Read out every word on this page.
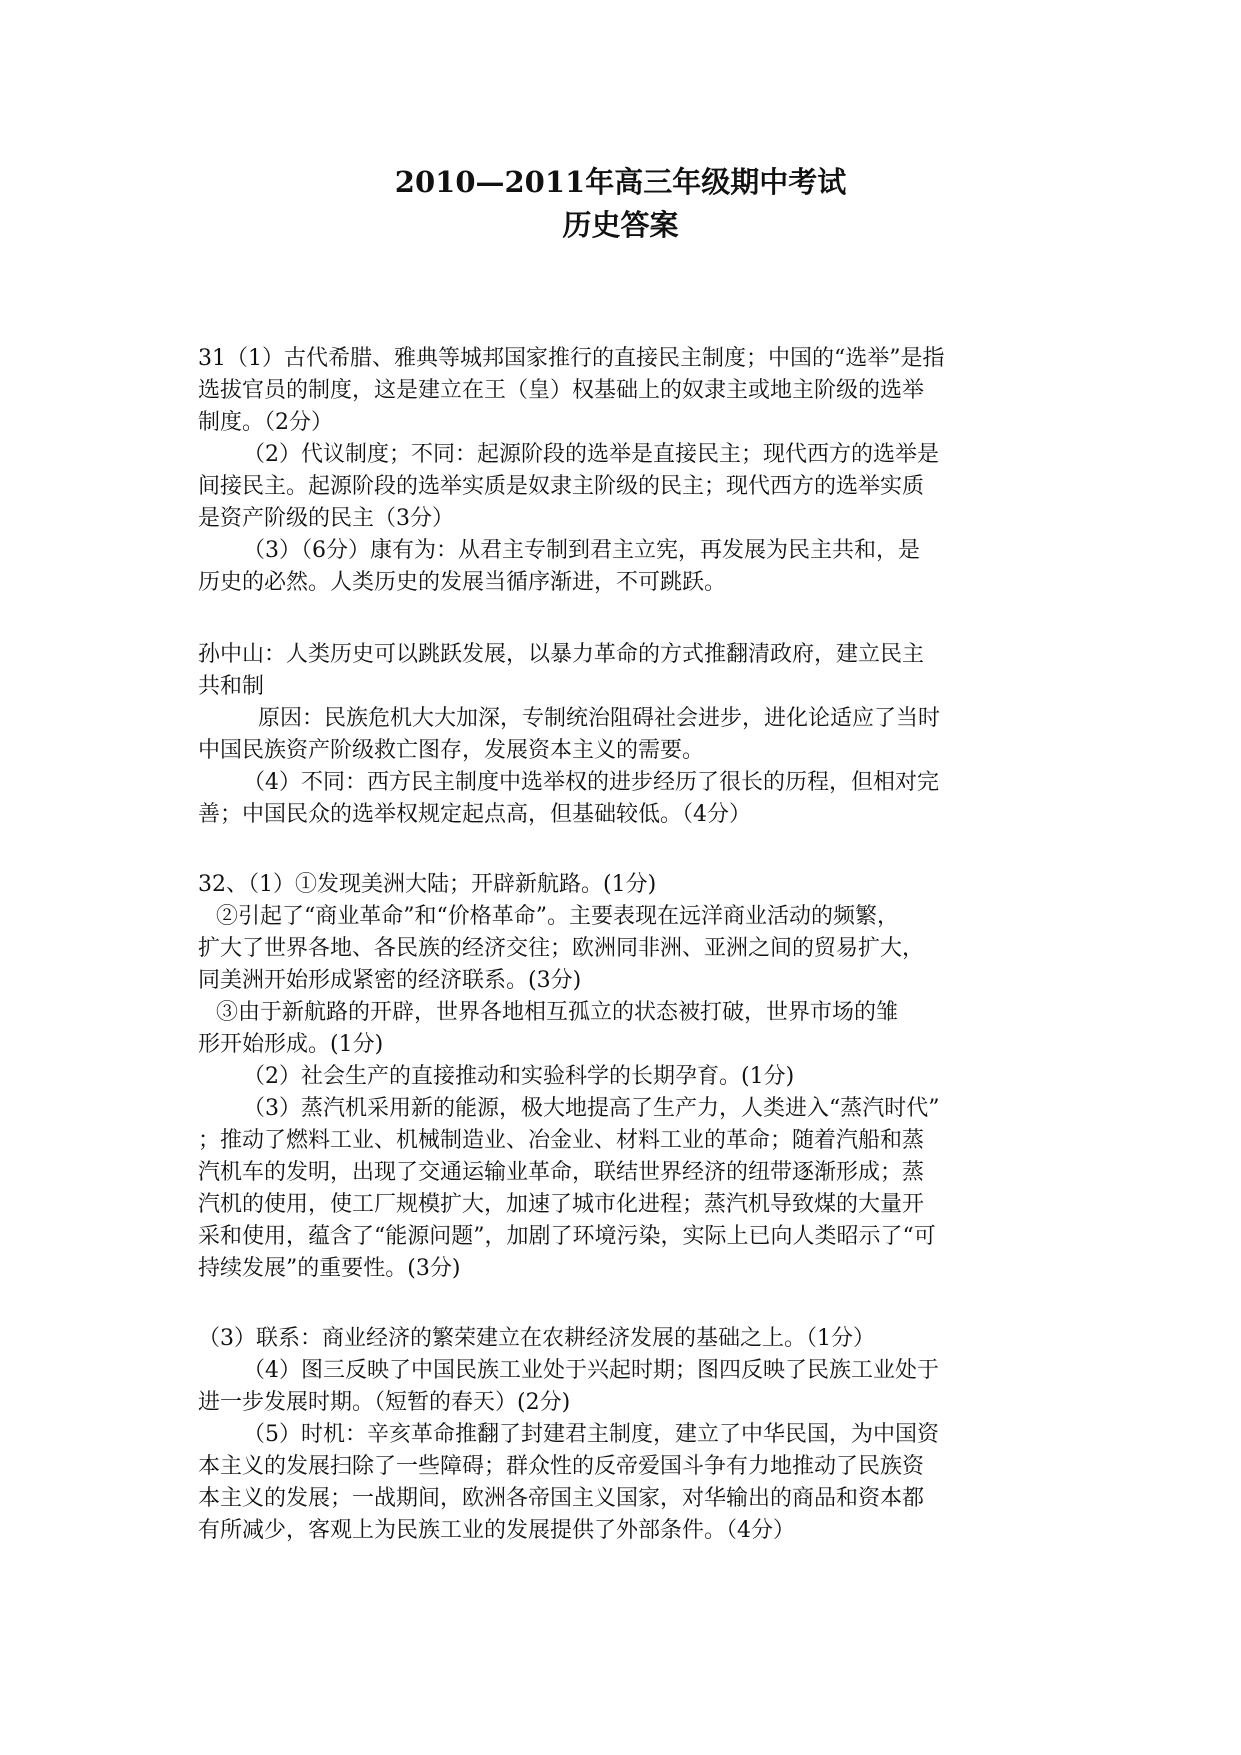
2010—2011年高三年级期中考试
历史答案
31（1）古代希腊、雅典等城邦国家推行的直接民主制度；中国的“选举”是指
选拔官员的制度，这是建立在王（皇）权基础上的奴隶主或地主阶级的选举
制度。（2分）
（2）代议制度；不同：起源阶段的选举是直接民主；现代西方的选举是
间接民主。起源阶段的选举实质是奴隶主阶级的民主；现代西方的选举实质
是资产阶级的民主（3分）
（3）（6分）康有为：从君主专制到君主立宪，再发展为民主共和，是
历史的必然。人类历史的发展当循序渐进，不可跳跃。
孙中山：人类历史可以跳跃发展，以暴力革命的方式推翻清政府，建立民主
共和制
原因：民族危机大大加深，专制统治阻碍社会进步，进化论适应了当时
中国民族资产阶级救亡图存，发展资本主义的需要。
（4）不同：西方民主制度中选举权的进步经历了很长的历程，但相对完
善；中国民众的选举权规定起点高，但基础较低。（4分）
32、（1）①发现美洲大陆；开辟新航路。(1分)
②引起了“商业革命”和“价格革命”。主要表现在远洋商业活动的频繁，
扩大了世界各地、各民族的经济交往；欧洲同非洲、亚洲之间的贸易扩大，
同美洲开始形成紧密的经济联系。(3分)
③由于新航路的开辟，世界各地相互孤立的状态被打破，世界市场的雏
形开始形成。(1分)
（2）社会生产的直接推动和实验科学的长期孕育。(1分)
（3）蒸汽机采用新的能源，极大地提高了生产力，人类进入“蒸汽时代”
；推动了燃料工业、机械制造业、冶金业、材料工业的革命；随着汽船和蒸
汽机车的发明，出现了交通运输业革命，联结世界经济的纽带逐渐形成；蒸
汽机的使用，使工厂规模扩大，加速了城市化进程；蒸汽机导致煤的大量开
采和使用，蕴含了“能源问题”，加剧了环境污染，实际上已向人类昭示了“可
持续发展”的重要性。(3分)
（3）联系：商业经济的繁荣建立在农耕经济发展的基础之上。（1分）
（4）图三反映了中国民族工业处于兴起时期；图四反映了民族工业处于
进一步发展时期。（短暂的春天）(2分)
（5）时机：辛亥革命推翻了封建君主制度，建立了中华民国，为中国资
本主义的发展扫除了一些障碍；群众性的反帝爱国斗争有力地推动了民族资
本主义的发展；一战期间，欧洲各帝国主义国家，对华输出的商品和资本都
有所减少，客观上为民族工业的发展提供了外部条件。（4分）
